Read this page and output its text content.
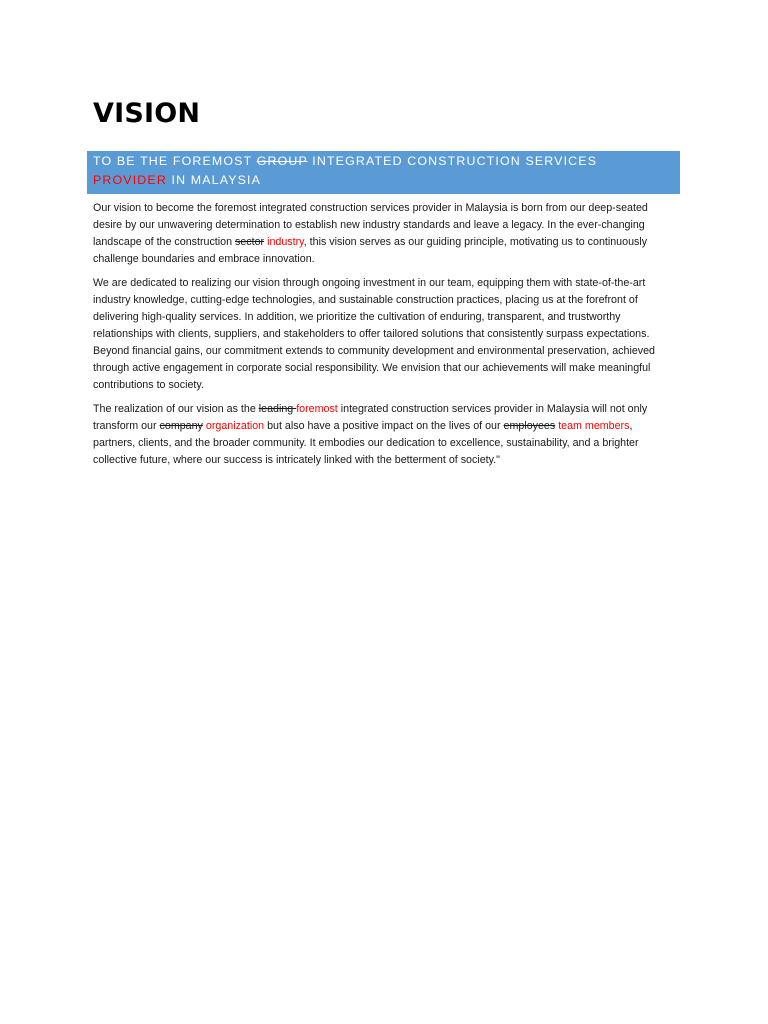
VISION
TO BE THE FOREMOST GROUP INTEGRATED CONSTRUCTION SERVICES PROVIDER IN MALAYSIA

Our vision to become the foremost integrated construction services provider in Malaysia is born from our deep-seated desire by our unwavering determination to establish new industry standards and leave a legacy. In the ever-changing landscape of the construction sector industry, this vision serves as our guiding principle, motivating us to continuously challenge boundaries and embrace innovation.

We are dedicated to realizing our vision through ongoing investment in our team, equipping them with state-of-the-art industry knowledge, cutting-edge technologies, and sustainable construction practices, placing us at the forefront of delivering high-quality services. In addition, we prioritize the cultivation of enduring, transparent, and trustworthy relationships with clients, suppliers, and stakeholders to offer tailored solutions that consistently surpass expectations. Beyond financial gains, our commitment extends to community development and environmental preservation, achieved through active engagement in corporate social responsibility. We envision that our achievements will make meaningful contributions to society.

The realization of our vision as the leading foremost integrated construction services provider in Malaysia will not only transform our company organization but also have a positive impact on the lives of our employees team members, partners, clients, and the broader community. It embodies our dedication to excellence, sustainability, and a brighter collective future, where our success is intricately linked with the betterment of society."
